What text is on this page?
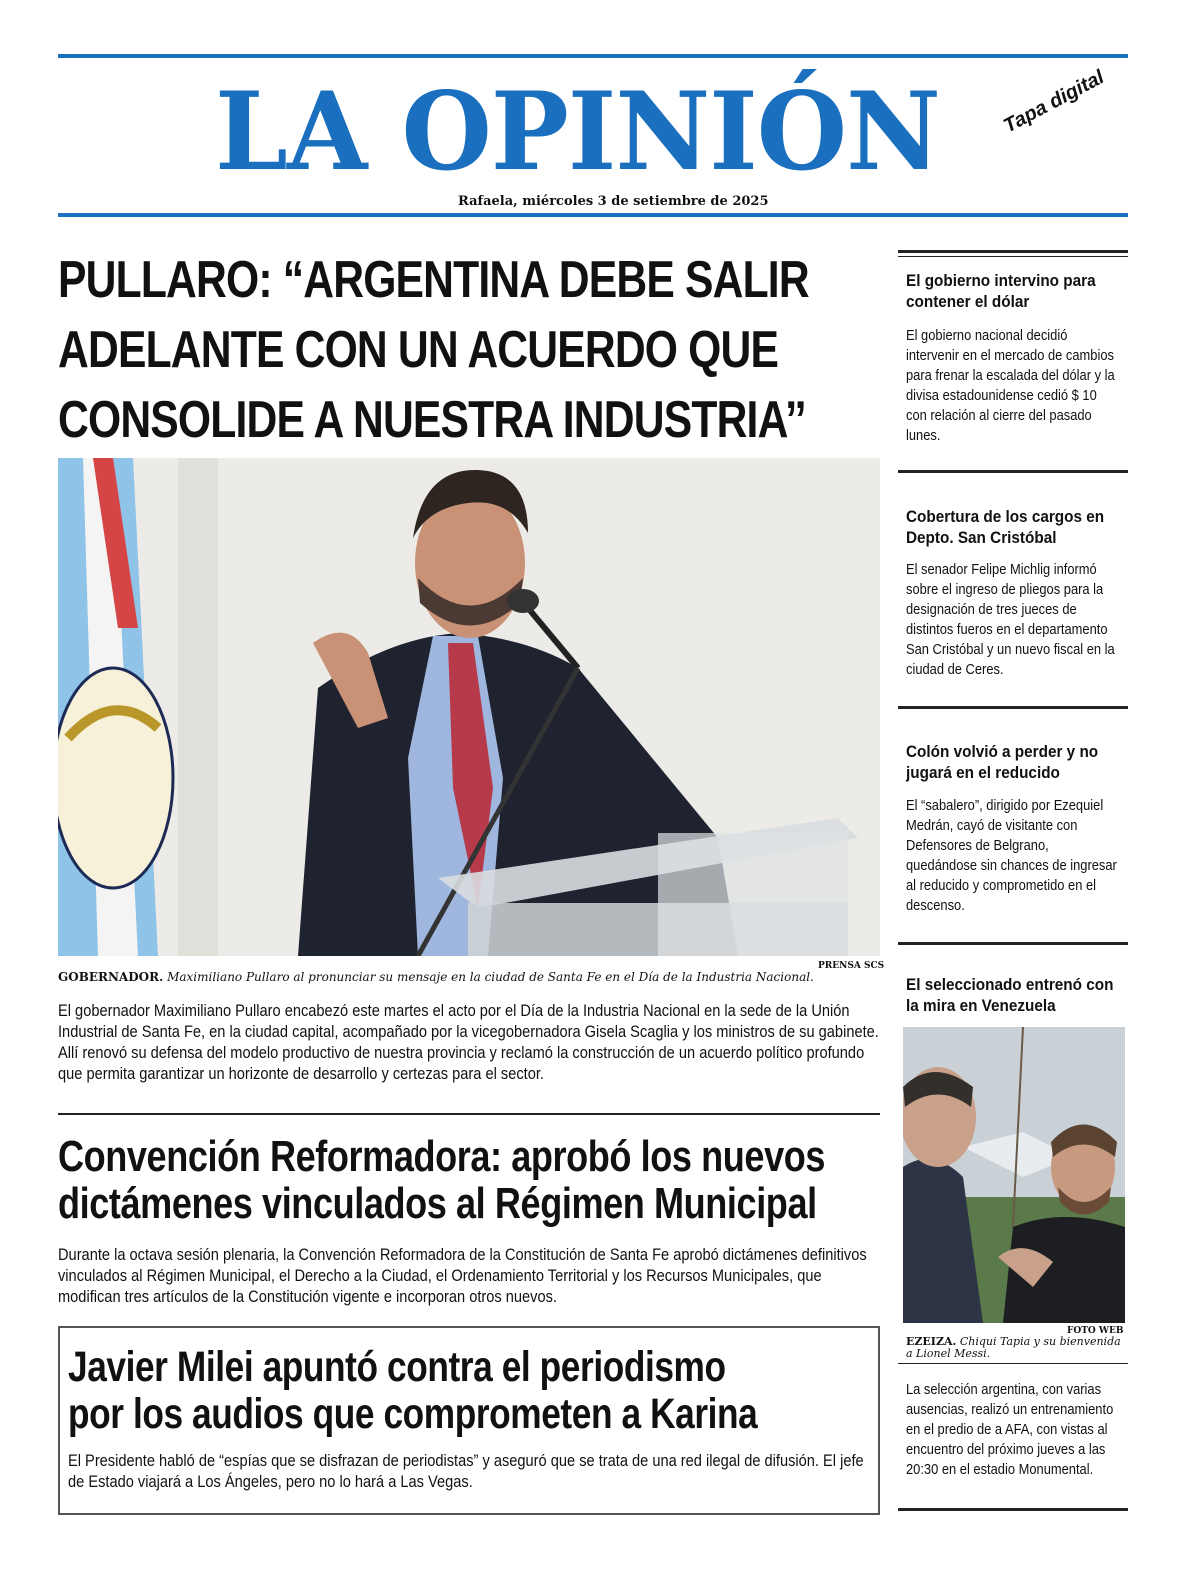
LA OPINIÓN	Tapa digital
Rafaela, miércoles 3 de setiembre de 2025
PULLARO: “ARGENTINA DEBE SALIR
ADELANTE CON UN ACUERDO QUE
CONSOLIDE A NUESTRA INDUSTRIA’’
PRENSA SCS
GOBERNADOR. Maximiliano Pullaro al pronunciar su mensaje en la ciudad de Santa Fe en el Día de la Industria Nacional.
El gobernador Maximiliano Pullaro encabezó este martes el acto por el Día de la Industria Nacional en la sede de la Unión Industrial de Santa Fe, en la ciudad capital, acompañado por la vicegobernadora Gisela Scaglia y los ministros de su gabinete. Allí renovó su defensa del modelo productivo de nuestra provincia y reclamó la construcción de un acuerdo político profundo que permita garantizar un horizonte de desarrollo y certezas para el sector.
Convención Reformadora: aprobó los nuevos
dictámenes vinculados al Régimen Municipal
Durante la octava sesión plenaria, la Convención Reformadora de la Constitución de Santa Fe aprobó dictámenes definitivos vinculados al Régimen Municipal, el Derecho a la Ciudad, el Ordenamiento Territorial y los Recursos Municipales, que modifican tres artículos de la Constitución vigente e incorporan otros nuevos.
Javier Milei apuntó contra el periodismo
por los audios que comprometen a Karina
El Presidente habló de “espías que se disfrazan de periodistas” y aseguró que se trata de una red ilegal de difusión. El jefe de Estado viajará a Los Ángeles, pero no lo hará a Las Vegas.
El gobierno intervino para contener el dólar
El gobierno nacional decidió intervenir en el mercado de cambios para frenar la escalada del dólar y la divisa estadounidense cedió $ 10 con relación al cierre del pasado lunes.
Cobertura de los cargos en Depto. San Cristóbal
El senador Felipe Michlig informó sobre el ingreso de pliegos para la designación de tres jueces de distintos fueros en el departamento San Cristóbal y un nuevo fiscal en la ciudad de Ceres.
Colón volvió a perder y no jugará en el reducido
El “sabalero”, dirigido por Ezequiel Medrán, cayó de visitante con Defensores de Belgrano, quedándose sin chances de ingresar al reducido y comprometido en el descenso.
El seleccionado entrenó con la mira en Venezuela
FOTO WEB
EZEIZA. Chiqui Tapia y su bienvenida a Lionel Messi.
La selección argentina, con varias ausencias, realizó un entrenamiento en el predio de a AFA, con vistas al encuentro del próximo jueves a las 20:30 en el estadio Monumental.
